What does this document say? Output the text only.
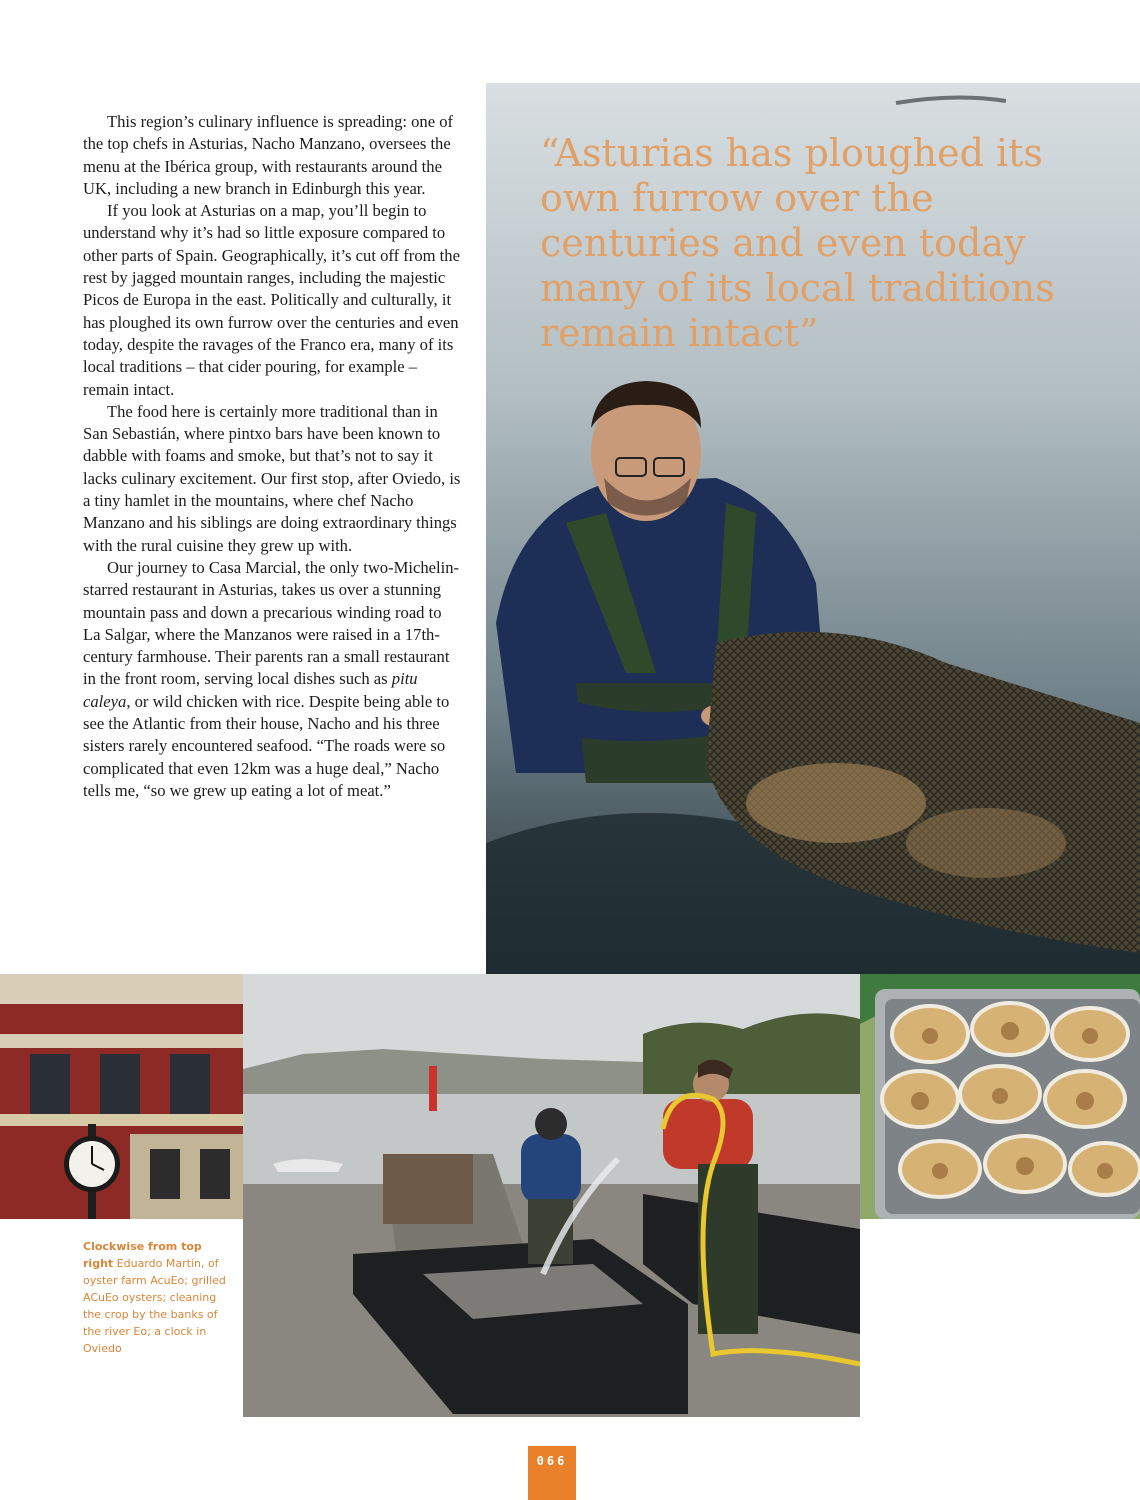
This region’s culinary influence is spreading: one of the top chefs in Asturias, Nacho Manzano, oversees the menu at the Ibérica group, with restaurants around the UK, including a new branch in Edinburgh this year.

If you look at Asturias on a map, you’ll begin to understand why it’s had so little exposure compared to other parts of Spain. Geographically, it’s cut off from the rest by jagged mountain ranges, including the majestic Picos de Europa in the east. Politically and culturally, it has ploughed its own furrow over the centuries and even today, despite the ravages of the Franco era, many of its local traditions – that cider pouring, for example – remain intact.

The food here is certainly more traditional than in San Sebastián, where pintxo bars have been known to dabble with foams and smoke, but that’s not to say it lacks culinary excitement. Our first stop, after Oviedo, is a tiny hamlet in the mountains, where chef Nacho Manzano and his siblings are doing extraordinary things with the rural cuisine they grew up with.

Our journey to Casa Marcial, the only two-Michelin-starred restaurant in Asturias, takes us over a stunning mountain pass and down a precarious winding road to La Salgar, where the Manzanos were raised in a 17th-century farmhouse. Their parents ran a small restaurant in the front room, serving local dishes such as pitu caleya, or wild chicken with rice. Despite being able to see the Atlantic from their house, Nacho and his three sisters rarely encountered seafood. “The roads were so complicated that even 12km was a huge deal,” Nacho tells me, “so we grew up eating a lot of meat.”

“Asturias has ploughed its own furrow over the centuries and even today many of its local traditions remain intact”

Clockwise from top right Eduardo Martín, of oyster farm AcuEo; grilled ACuEo oysters; cleaning the crop by the banks of the river Eo; a clock in Oviedo
066
